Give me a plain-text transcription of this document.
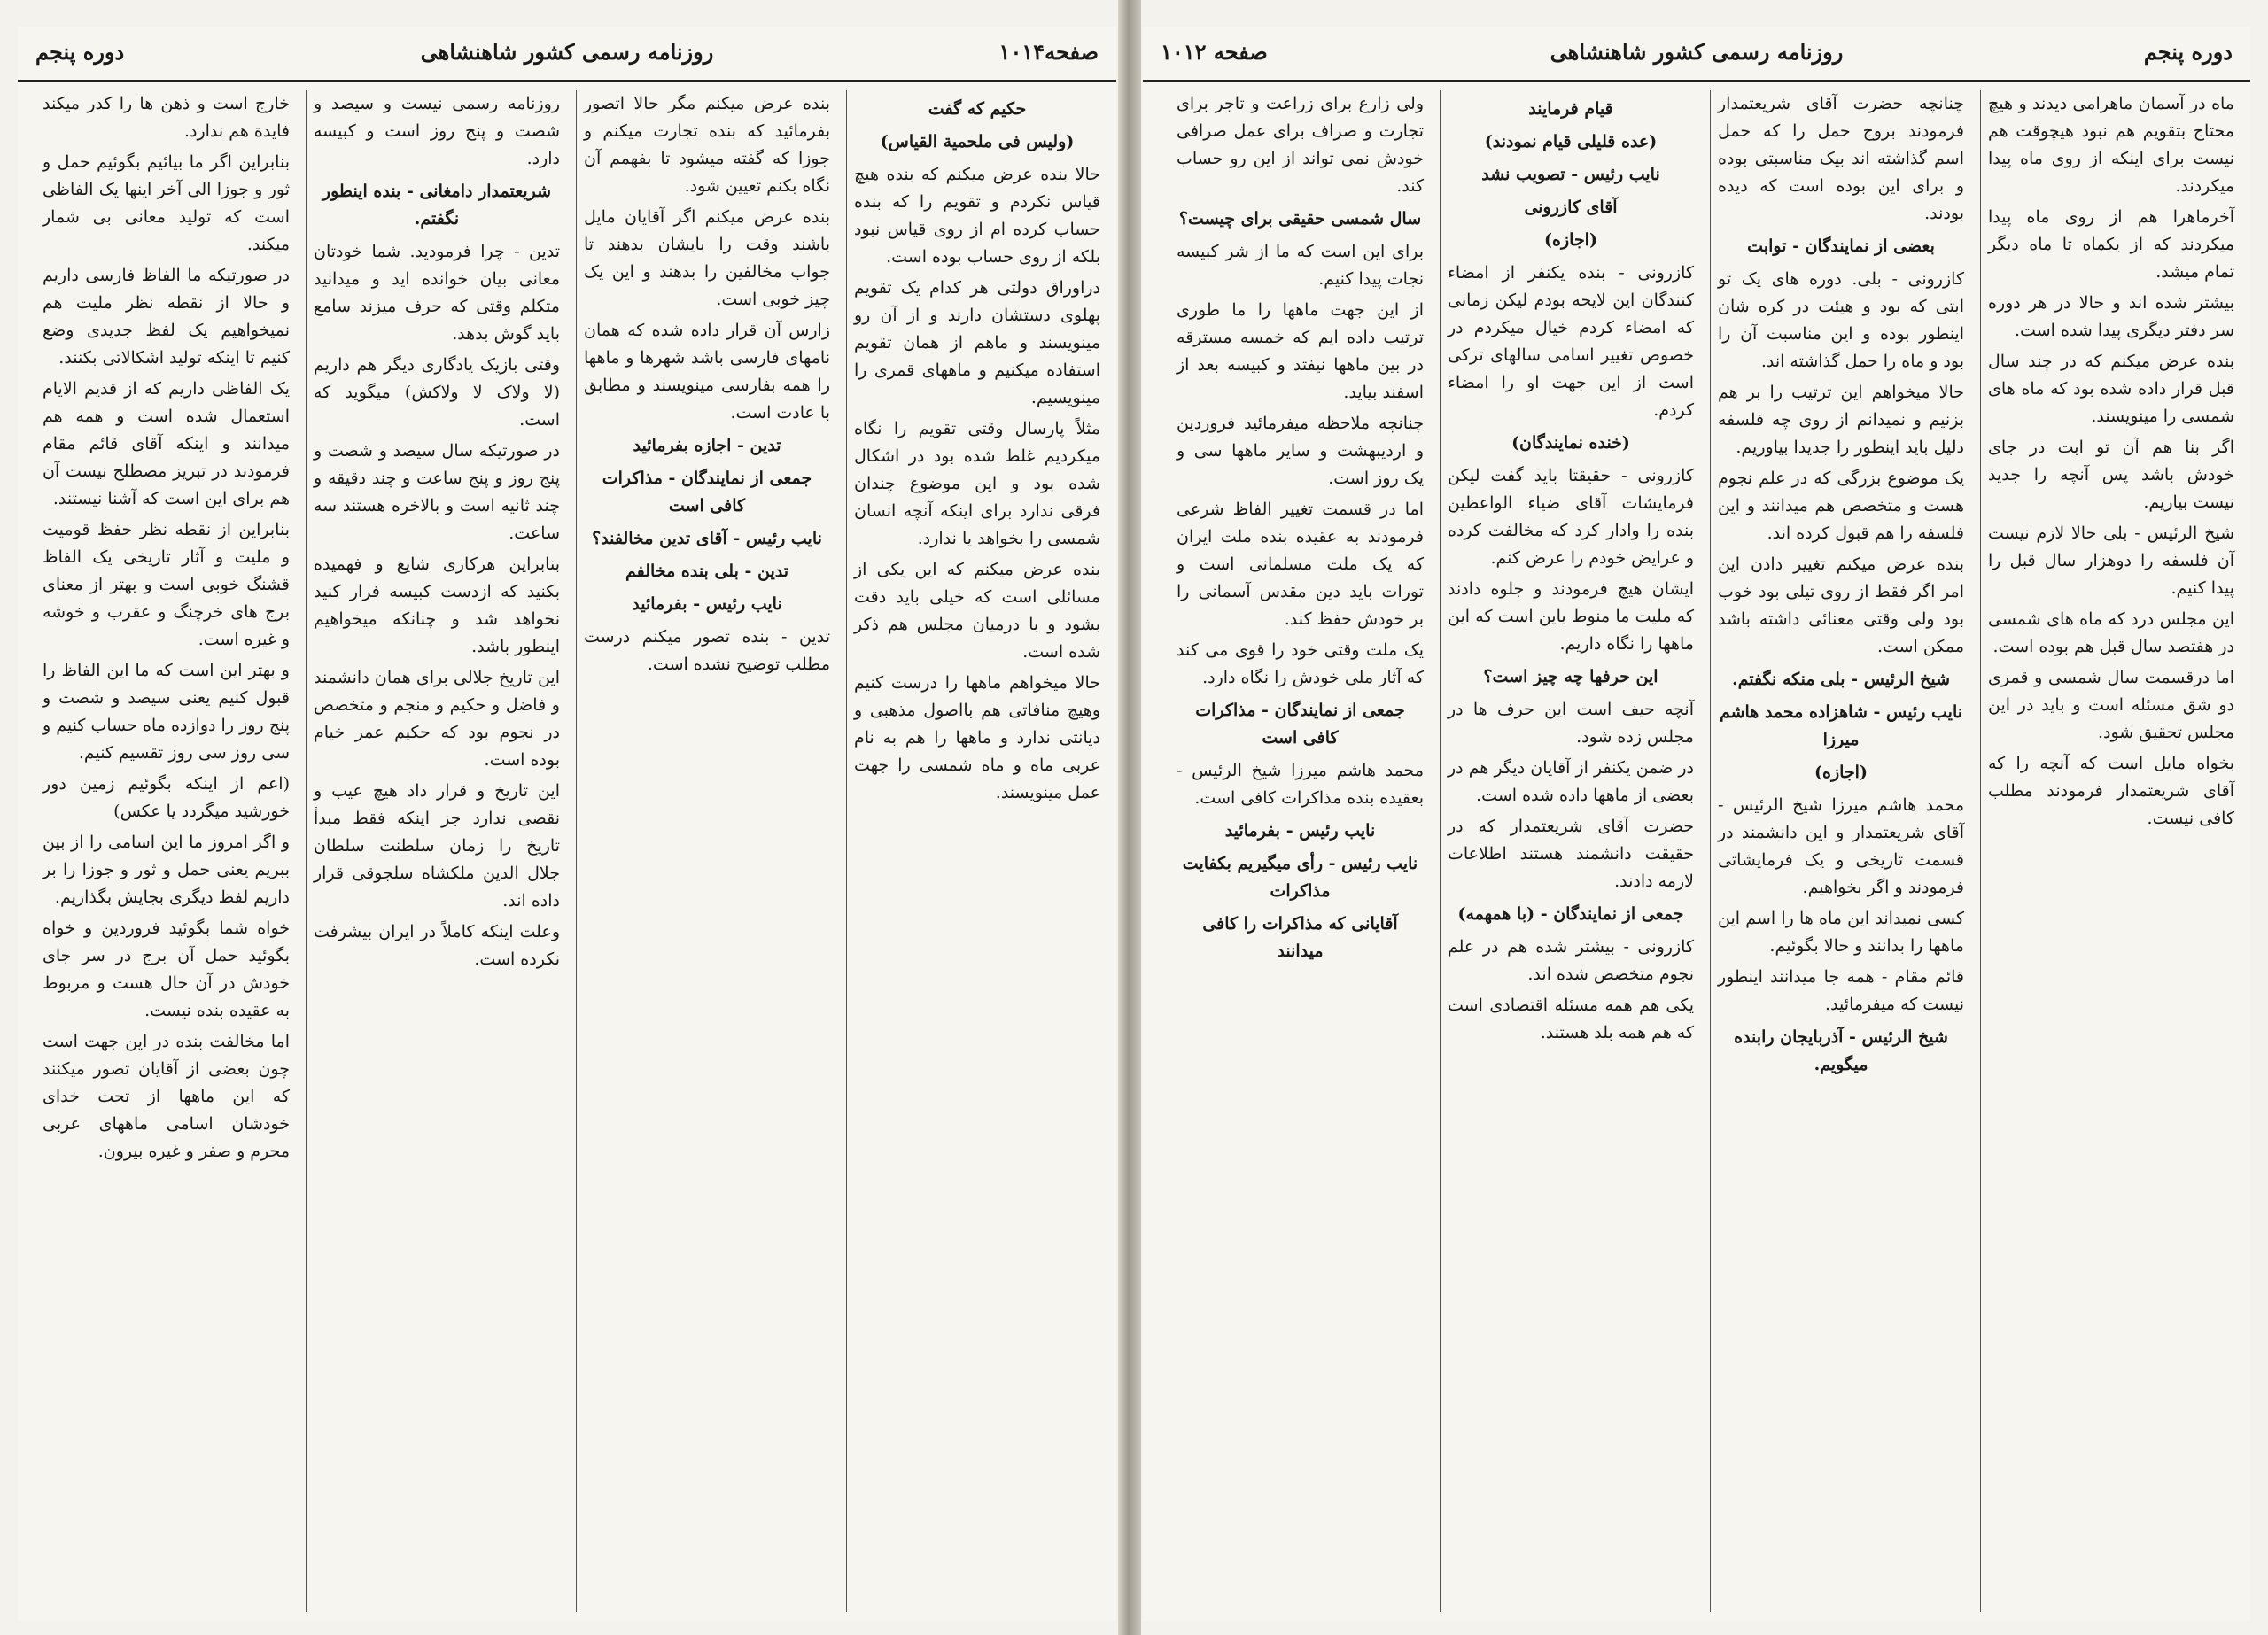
صفحه۱۰۱۴
روزنامه رسمی کشور شاهنشاهی
دوره پنجم

حکیم که گفت

(ولیس فی ملحمیة القیاس)

حالا بنده عرض میکنم که بنده هیچ قیاس نکردم و تقویم را که بنده حساب کرده ام از روی قیاس نبود بلکه از روی حساب بوده است.

دراوراق دولتی هر کدام یک تقویم پهلوی دستشان دارند و از آن رو مینویسند و ماهم از همان تقویم استفاده میکنیم و ماههای قمری را مینویسیم.

مثلاً پارسال وقتی تقویم را نگاه میکردیم غلط شده بود در اشکال شده بود و این موضوع چندان فرقی ندارد برای اینکه آنچه انسان شمسی را بخواهد یا ندارد.

بنده عرض میکنم که این یکی از مسائلی است که خیلی باید دقت بشود و با درمیان مجلس هم ذکر شده است.

حالا میخواهم ماهها را درست کنیم وهیچ منافاتی هم بااصول مذهبی و دیانتی ندارد و ماهها را هم به نام عربی ماه و ماه شمسی را جهت عمل مینویسند.

بنده عرض میکنم مگر حالا اتصور بفرمائید که بنده تجارت میکنم و جوزا که گفته میشود تا بفهمم آن نگاه بکنم تعیین شود.

بنده عرض میکنم اگر آقایان مایل باشند وقت را بایشان بدهند تا جواب مخالفین را بدهند و این یک چیز خوبی است.

زارس آن قرار داده شده که همان نامهای فارسی باشد شهرها و ماهها را همه بفارسی مینویسند و مطابق با عادت است.

تدین - اجازه بفرمائید

جمعی از نمایندگان - مذاکرات کافی است

نایب رئیس - آقای تدین مخالفند؟

تدین - بلی بنده مخالفم

نایب رئیس - بفرمائید

تدین - بنده تصور میکنم درست مطلب توضیح نشده است.

روزنامه رسمی نیست و سیصد و شصت و پنج روز است و کبیسه دارد.

شریعتمدار دامغانی - بنده اینطور نگفتم.

تدین - چرا فرمودید. شما خودتان معانی بیان خوانده اید و میدانید متکلم وقتی که حرف میزند سامع باید گوش بدهد.

وقتی بازیک یادگاری دیگر هم داریم (لا ولاک لا ولاکش) میگوید که است.

در صورتیکه سال سیصد و شصت و پنج روز و پنج ساعت و چند دقیقه و چند ثانیه است و بالاخره هستند سه ساعت.

بنابراین هرکاری شایع و فهمیده بکنید که ازدست کبیسه فرار کنید نخواهد شد و چنانکه میخواهیم اینطور باشد.

این تاریخ جلالی برای همان دانشمند و فاضل و حکیم و منجم و متخصص در نجوم بود که حکیم عمر خیام بوده است.

این تاریخ و قرار داد هیچ عیب و نقصی ندارد جز اینکه فقط مبدأ تاریخ را زمان سلطنت سلطان جلال الدین ملکشاه سلجوقی قرار داده اند.

وعلت اینکه کاملاً در ایران بیشرفت نکرده است.

خارج است و ذهن ها را کدر میکند فایدة هم ندارد.

بنابراین اگر ما بیائیم بگوئیم حمل و ثور و جوزا الی آخر اینها یک الفاظی است که تولید معانی بی شمار میکند.

در صورتیکه ما الفاظ فارسی داریم و حالا از نقطه نظر ملیت هم نمیخواهیم یک لفظ جدیدی وضع کنیم تا اینکه تولید اشکالاتی بکنند.

یک الفاظی داریم که از قدیم الایام استعمال شده است و همه هم میدانند و اینکه آقای قائم مقام فرمودند در تبریز مصطلح نیست آن هم برای این است که آشنا نیستند.

بنابراین از نقطه نظر حفظ قومیت و ملیت و آثار تاریخی یک الفاظ قشنگ خوبی است و بهتر از معنای برج های خرچنگ و عقرب و خوشه و غیره است.

و بهتر این است که ما این الفاظ را قبول کنیم یعنی سیصد و شصت و پنج روز را دوازده ماه حساب کنیم و سی روز سی روز تقسیم کنیم.

(اعم از اینکه بگوئیم زمین دور خورشید میگردد یا عکس)

و اگر امروز ما این اسامی را از بین ببریم یعنی حمل و ثور و جوزا را بر داریم لفظ دیگری بجایش بگذاریم.

خواه شما بگوئید فروردین و خواه بگوئید حمل آن برج در سر جای خودش در آن حال هست و مربوط به عقیده بنده نیست.

اما مخالفت بنده در این جهت است چون بعضی از آقایان تصور میکنند که این ماهها از تحت خدای خودشان اسامی ماههای عربی محرم و صفر و غیره بیرون.

صفحه ۱۰۱۲	روزنامه رسمی کشور شاهنشاهی	دوره پنجم

ماه در آسمان ماهرامی دیدند و هیچ محتاج بتقویم هم نبود هیچوقت هم نیست برای اینکه از روی ماه پیدا میکردند.

آخرماهرا هم از روی ماه پیدا میکردند که از یکماه تا ماه دیگر تمام میشد.

بیشتر شده اند و حالا در هر دوره سر دفتر دیگری پیدا شده است.

بنده عرض میکنم که در چند سال قبل قرار داده شده بود که ماه های شمسی را مینویسند.

اگر بنا هم آن تو ابت در جای خودش باشد پس آنچه را جدید نیست بیاریم.

شیخ الرئیس - بلی حالا لازم نیست آن فلسفه را دوهزار سال قبل را پیدا کنیم.

این مجلس درد که ماه های شمسی در هفتصد سال قبل هم بوده است.

اما درقسمت سال شمسی و قمری دو شق مسئله است و باید در این مجلس تحقیق شود.

بخواه مایل است که آنچه را که آقای شریعتمدار فرمودند مطلب کافی نیست.

چنانچه حضرت آقای شریعتمدار فرمودند بروج حمل را که حمل اسم گذاشته اند بیک مناسبتی بوده و برای این بوده است که دیده بودند.

بعضی از نمایندگان - توابت

کازرونی - بلی. دوره های یک تو ابتی که بود و هیئت در کره شان اینطور بوده و این مناسبت آن را بود و ماه را حمل گذاشته اند.

حالا میخواهم این ترتیب را بر هم بزنیم و نمیدانم از روی چه فلسفه دلیل باید اینطور را جدیدا بیاوریم.

یک موضوع بزرگی که در علم نجوم هست و متخصص هم میدانند و این فلسفه را هم قبول کرده اند.

بنده عرض میکنم تغییر دادن این امر اگر فقط از روی تیلی بود خوب بود ولی وقتی معنائی داشته باشد ممکن است.

شیخ الرئیس - بلی منکه نگفتم.

نایب رئیس - شاهزاده محمد هاشم میرزا

(اجازه)

محمد هاشم میرزا شیخ الرئیس - آقای شریعتمدار و این دانشمند در قسمت تاریخی و یک فرمایشاتی فرمودند و اگر بخواهیم.

کسی نمیداند این ماه ها را اسم این ماهها را بدانند و حالا بگوئیم.

قائم مقام - همه جا میدانند اینطور نیست که میفرمائید.

شیخ الرئیس - آذربایجان رابنده میگویم.

قیام فرمایند

(عده قلیلی قیام نمودند)

نایب رئیس - تصویب نشد

آقای کازرونی

(اجازه)

کازرونی - بنده یکنفر از امضاء کنندگان این لایحه بودم لیکن زمانی که امضاء کردم خیال میکردم در خصوص تغییر اسامی سالهای ترکی است از این جهت او را امضاء کردم.

(خنده نمایندگان)

کازرونی - حقیقتا باید گفت لیکن فرمایشات آقای ضیاء الواعظین بنده را وادار کرد که مخالفت کرده و عرایض خودم را عرض کنم.

ایشان هیچ فرمودند و جلوه دادند که ملیت ما منوط باین است که این ماهها را نگاه داریم.

این حرفها چه چیز است؟

آنچه حیف است این حرف ها در مجلس زده شود.

در ضمن یکنفر از آقایان دیگر هم در بعضی از ماهها داده شده است.

حضرت آقای شریعتمدار که در حقیقت دانشمند هستند اطلاعات لازمه دادند.

جمعی از نمایندگان - (با همهمه)

کازرونی - بیشتر شده هم در علم نجوم متخصص شده اند.

یکی هم همه مسئله اقتصادی است که هم همه بلد هستند.

ولی زارع برای زراعت و تاجر برای تجارت و صراف برای عمل صرافی خودش نمی تواند از این رو حساب کند.

سال شمسی حقیقی برای چیست؟

برای این است که ما از شر کبیسه نجات پیدا کنیم.

از این جهت ماهها را ما طوری ترتیب داده ایم که خمسه مسترقه در بین ماهها نیفتد و کبیسه بعد از اسفند بیاید.

چنانچه ملاحظه میفرمائید فروردین و اردیبهشت و سایر ماهها سی و یک روز است.

اما در قسمت تغییر الفاظ شرعی فرمودند به عقیده بنده ملت ایران که یک ملت مسلمانی است و تورات باید دین مقدس آسمانی را بر خودش حفظ کند.

یک ملت وقتی خود را قوی می کند که آثار ملی خودش را نگاه دارد.

جمعی از نمایندگان - مذاکرات کافی است

محمد هاشم میرزا شیخ الرئیس - بعقیده بنده مذاکرات کافی است.

نایب رئیس - بفرمائید

نایب رئیس - رأی میگیریم بکفایت مذاکرات

آقایانی که مذاکرات را کافی میدانند
